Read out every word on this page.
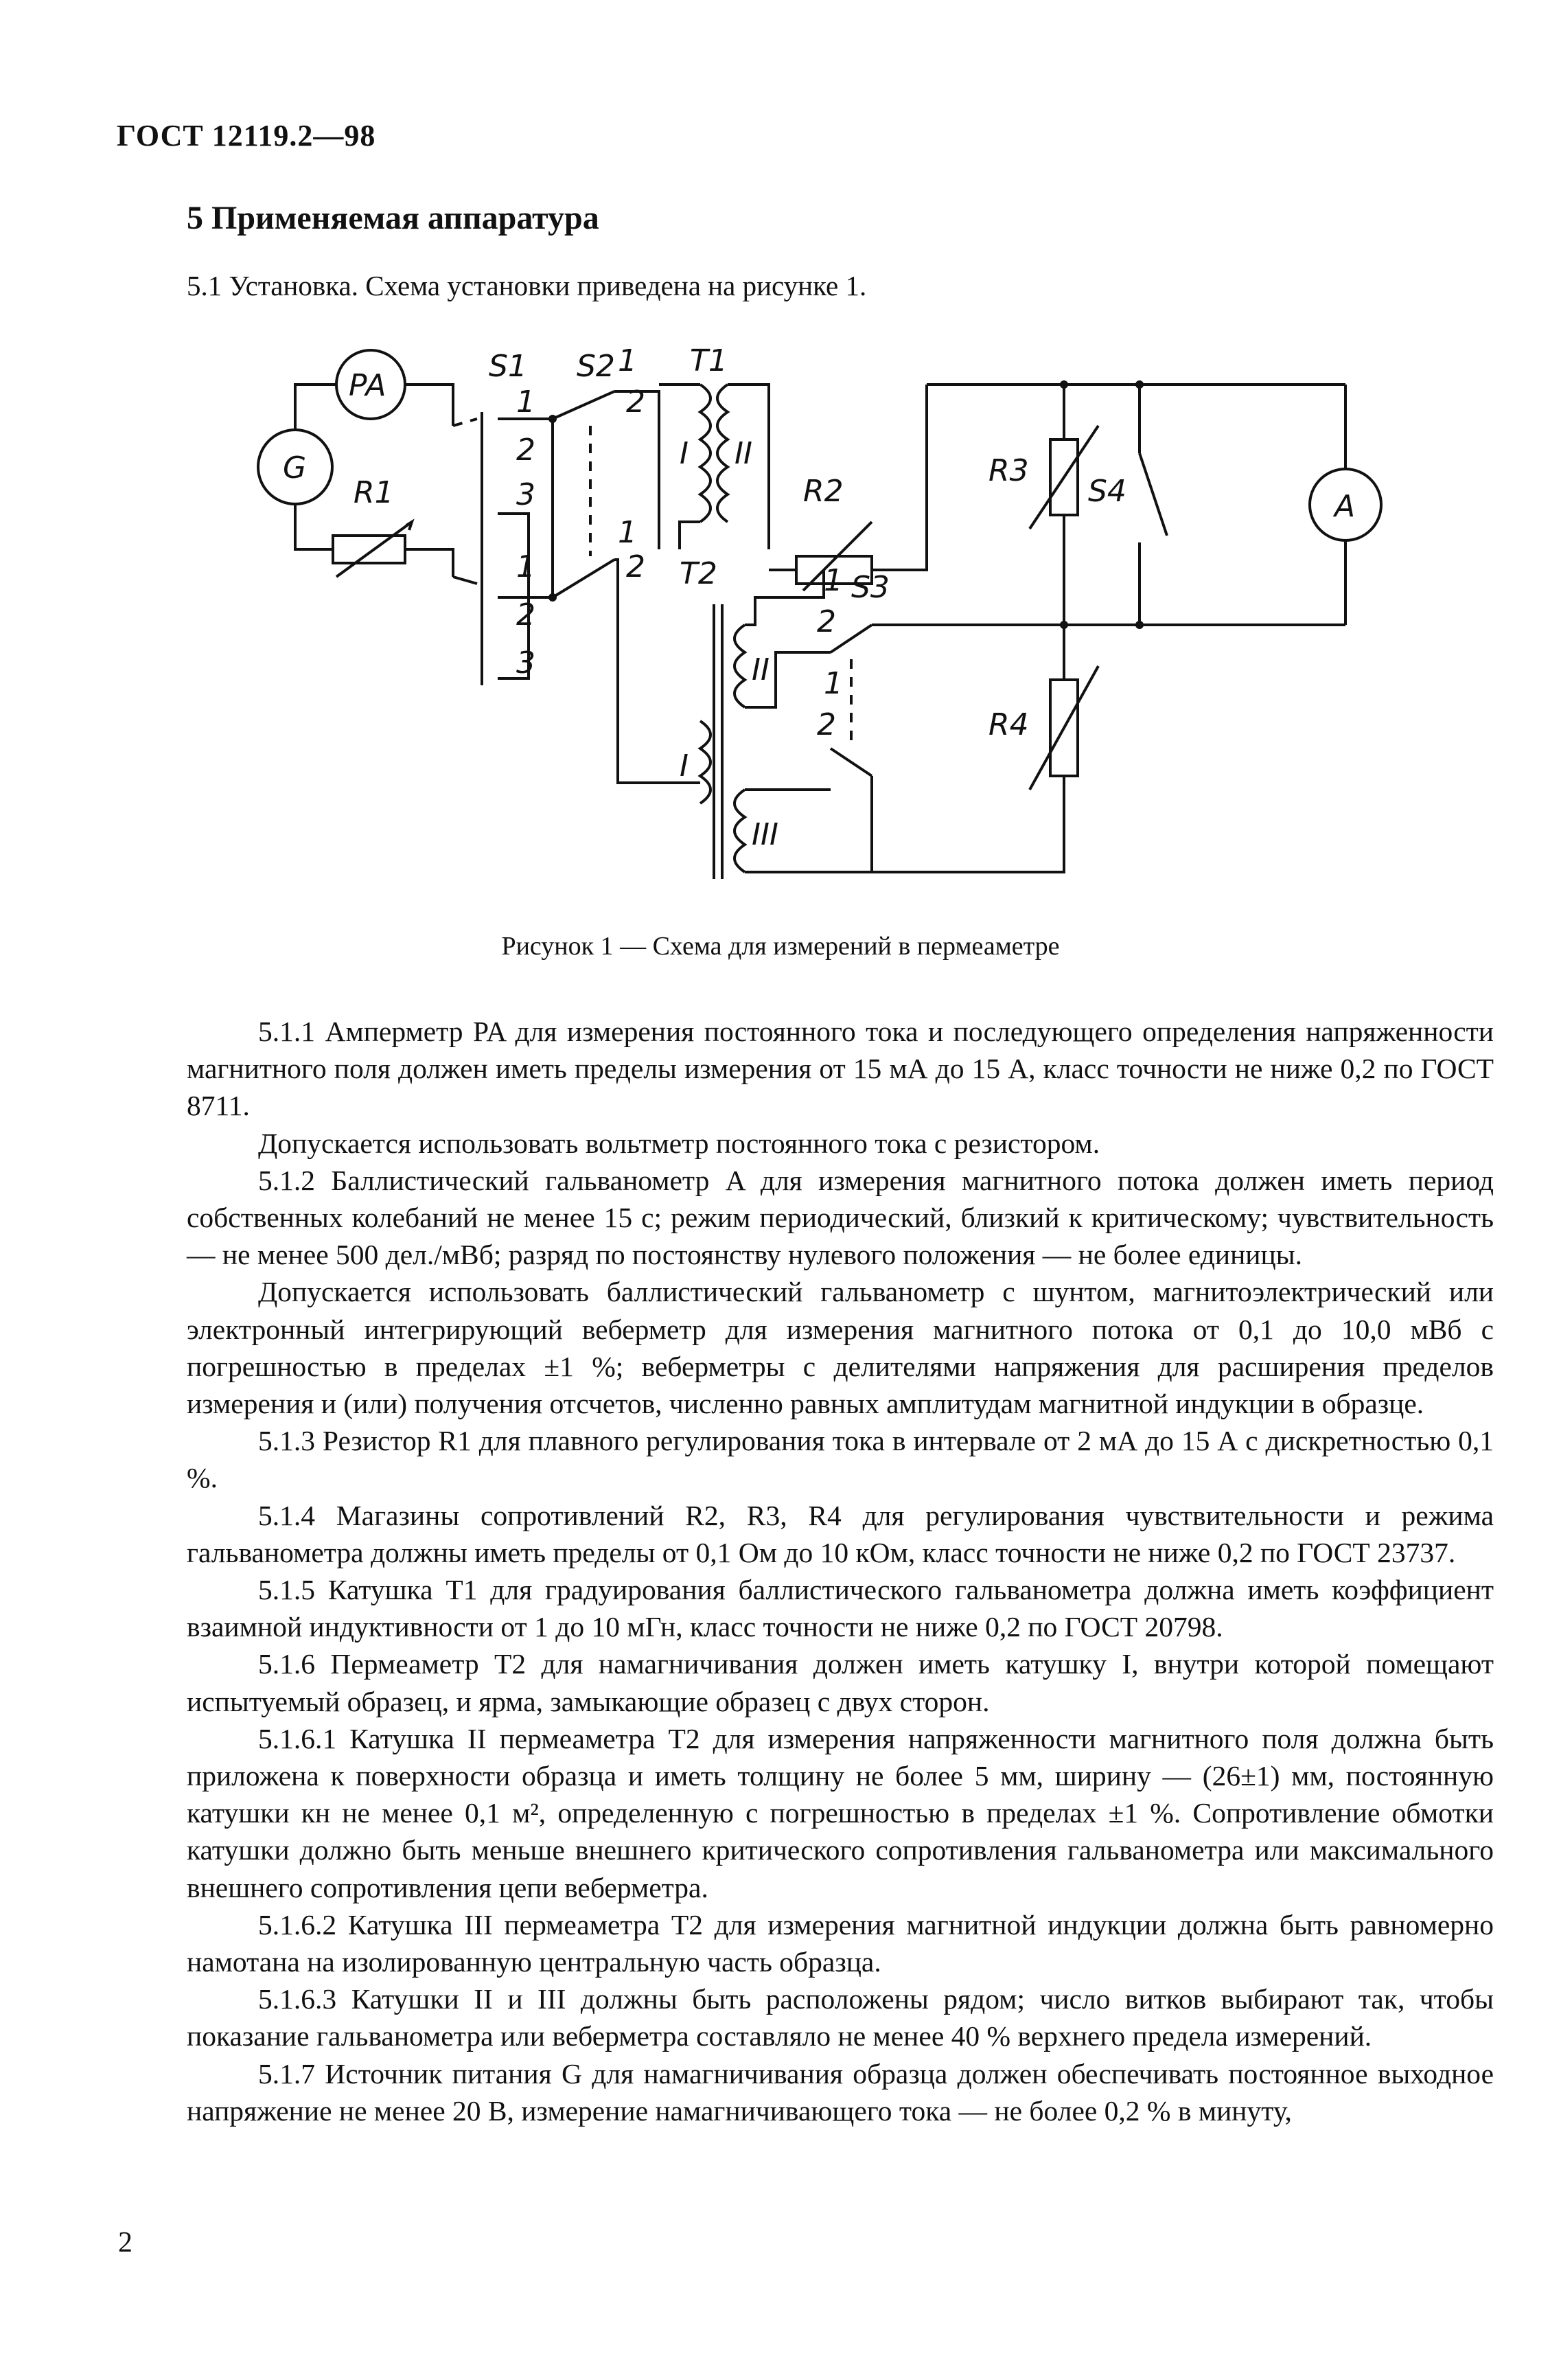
ГОСТ 12119.2—98
5 Применяемая аппаратура
5.1 Установка. Схема установки приведена на рисунке 1.
G
PA
R1
S1
1
2
3
1
2
3
S2 1
2
1
2
T1
I II
T2
I
II
III
R2
S3
1
2
1
2
R3
R4
S4	A
Рисунок 1 — Схема для измерений в пермеаметре

5.1.1 Амперметр PA для измерения постоянного тока и последующего определения напряженности магнитного поля должен иметь пределы измерения от 15 мА до 15 А, класс точности не ниже 0,2 по ГОСТ 8711.

Допускается использовать вольтметр постоянного тока с резистором.

5.1.2 Баллистический гальванометр A для измерения магнитного потока должен иметь период собственных колебаний не менее 15 с; режим периодический, близкий к критическому; чувствительность — не менее 500 дел./мВб; разряд по постоянству нулевого положения — не более единицы.

Допускается использовать баллистический гальванометр с шунтом, магнитоэлектрический или электронный интегрирующий веберметр для измерения магнитного потока от 0,1 до 10,0 мВб с погрешностью в пределах ±1 %; веберметры с делителями напряжения для расширения пределов измерения и (или) получения отсчетов, численно равных амплитудам магнитной индукции в образце.

5.1.3 Резистор R1 для плавного регулирования тока в интервале от 2 мА до 15 А с дискретностью 0,1 %.

5.1.4 Магазины сопротивлений R2, R3, R4 для регулирования чувствительности и режима гальванометра должны иметь пределы от 0,1 Ом до 10 кОм, класс точности не ниже 0,2 по ГОСТ 23737.

5.1.5 Катушка T1 для градуирования баллистического гальванометра должна иметь коэффициент взаимной индуктивности от 1 до 10 мГн, класс точности не ниже 0,2 по ГОСТ 20798.

5.1.6 Пермеаметр T2 для намагничивания должен иметь катушку I, внутри которой помещают испытуемый образец, и ярма, замыкающие образец с двух сторон.

5.1.6.1 Катушка II пермеаметра T2 для измерения напряженности магнитного поля должна быть приложена к поверхности образца и иметь толщину не более 5 мм, ширину — (26±1) мм, постоянную катушки кн не менее 0,1 м², определенную с погрешностью в пределах ±1 %. Сопротивление обмотки катушки должно быть меньше внешнего критического сопротивления гальванометра или максимального внешнего сопротивления цепи веберметра.

5.1.6.2 Катушка III пермеаметра T2 для измерения магнитной индукции должна быть равномерно намотана на изолированную центральную часть образца.

5.1.6.3 Катушки II и III должны быть расположены рядом; число витков выбирают так, чтобы показание гальванометра или веберметра составляло не менее 40 % верхнего предела измерений.

5.1.7 Источник питания G для намагничивания образца должен обеспечивать постоянное выходное напряжение не менее 20 В, измерение намагничивающего тока — не более 0,2 % в минуту,

2
